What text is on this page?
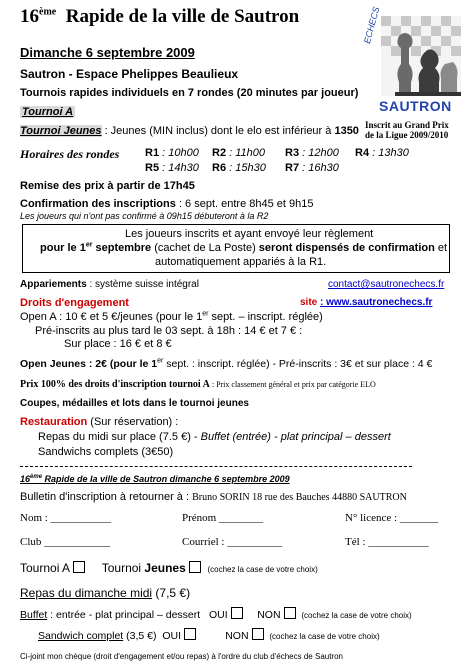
16ème Rapide de la ville de Sautron
Dimanche 6 septembre 2009
Sautron - Espace Phelippes Beaulieux
Tournois rapides individuels en 7 rondes (20 minutes par joueur)
Tournoi A
Tournoi Jeunes : Jeunes (MIN inclus) dont le elo est inférieur à 1350
ECHECS
SAUTRON
Inscrit au Grand Prix
de la Ligue 2009/2010
Horaires des rondes R1 : 10h00 R2 : 11h00 R3 : 12h00 R4 : 13h30
R5 : 14h30 R6 : 15h30 R7 : 16h30
Remise des prix à partir de 17h45
Confirmation des inscriptions : 6 sept. entre 8h45 et 9h15
Les joueurs qui n'ont pas confirmé à 09h15 débuteront à la R2
Les joueurs inscrits et ayant envoyé leur règlement
pour le 1er septembre (cachet de La Poste) seront dispensés de confirmation et
automatiquement appariés à la R1.
Appariements : système suisse intégral	contact@sautronechecs.fr
Droits d'engagement	site : www.sautronechecs.fr
Open A : 10 € et 5 €/jeunes (pour le 1er sept. – inscript. réglée)
Pré-inscrits au plus tard le 03 sept. à 18h : 14 € et 7 € :
Sur place : 16 € et 8 €
Open Jeunes : 2€ (pour le 1er sept. : inscript. réglée) - Pré-inscrits : 3€ et sur place : 4 €
Prix 100% des droits d'inscription tournoi A : Prix classement général et prix par catégorie ELO
Coupes, médailles et lots dans le tournoi jeunes
Restauration (Sur réservation) :
Repas du midi sur place (7.5 €) - Buffet (entrée) - plat principal – dessert
Sandwichs complets (3€50)
16ème Rapide de la ville de Sautron dimanche 6 septembre 2009
Bulletin d'inscription à retourner à : Bruno SORIN 18 rue des Bauches 44880 SAUTRON
Nom : ___________	Prénom ________	N° licence : _______
Club ____________	Courriel : __________	Tél : ___________
Tournoi A	Tournoi Jeunes	(cochez la case de votre choix)
Repas du dimanche midi (7,5 €)
Buffet : entrée - plat principal – dessert OUI	NON	(cochez la case de votre choix)
Sandwich complet (3,5 €) OUI	NON	(cochez la case de votre choix)
Ci-joint mon chèque (droit d'engagement et/ou repas) à l'ordre du club d'échecs de Sautron
